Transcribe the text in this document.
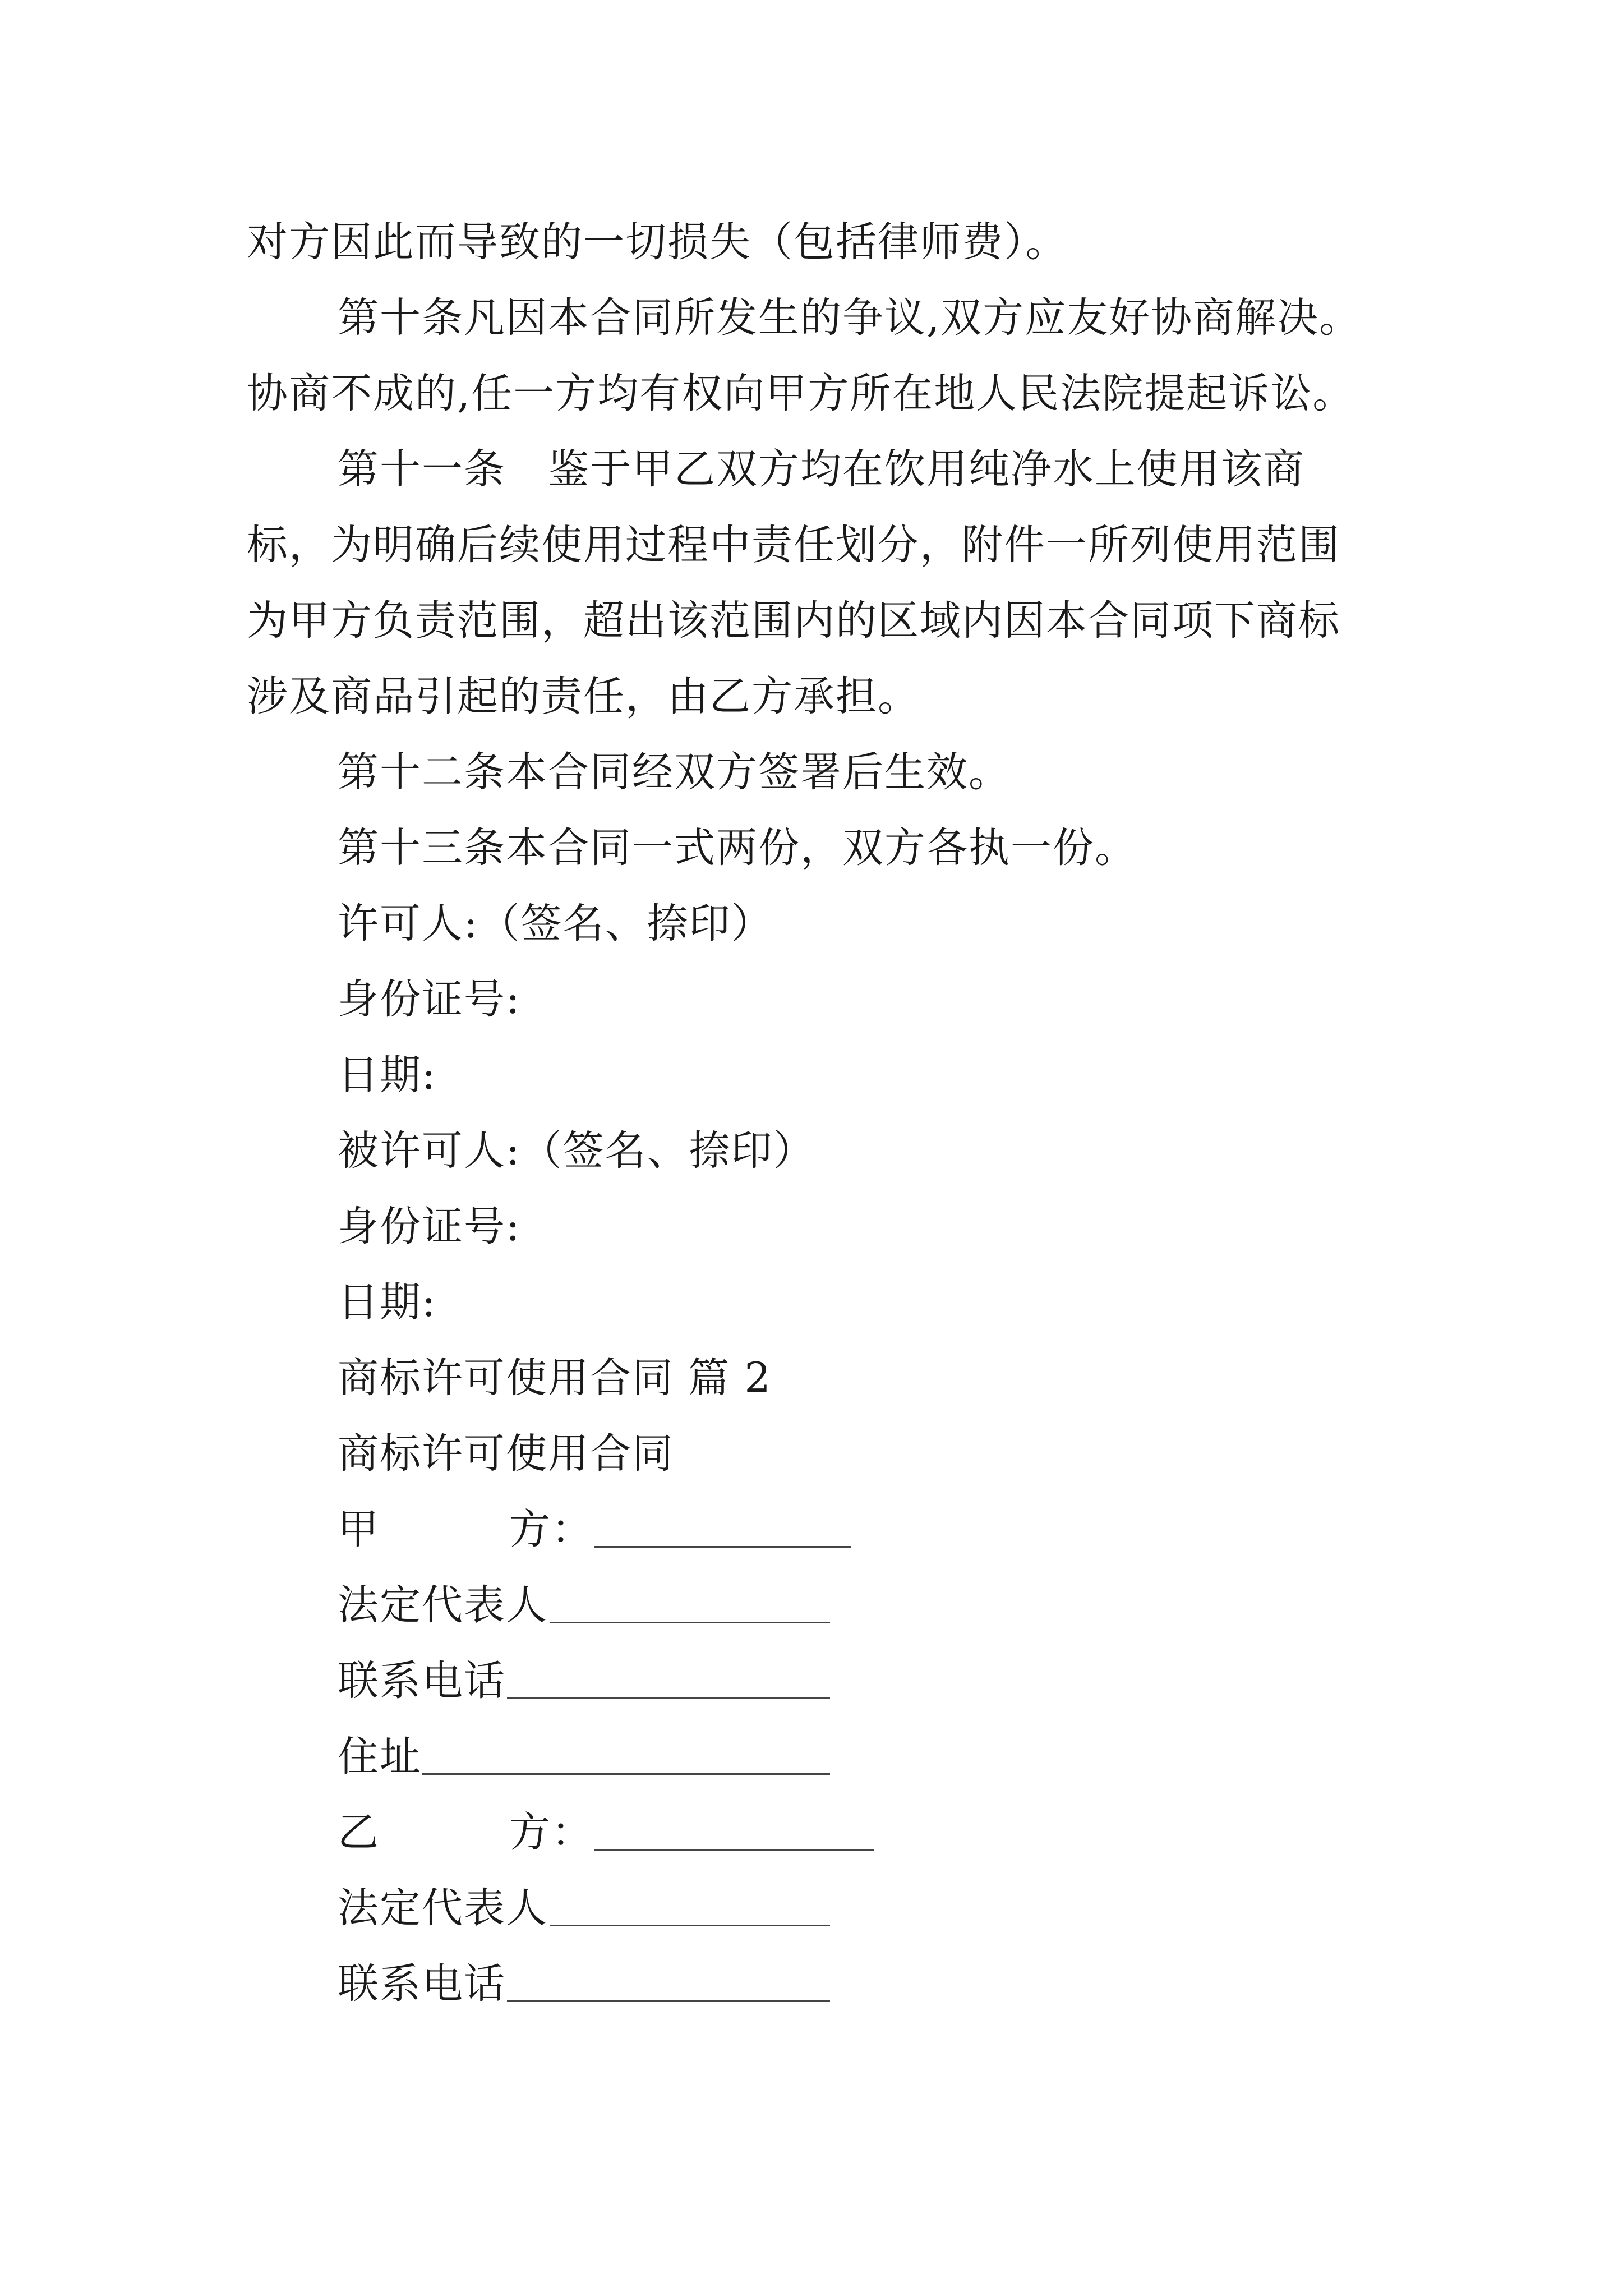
对方因此而导致的一切损失（包括律师费）。
第十条凡因本合同所发生的争议,双方应友好协商解决。
协商不成的,任一方均有权向甲方所在地人民法院提起诉讼。
第十一条　鉴于甲乙双方均在饮用纯净水上使用该商
标，为明确后续使用过程中责任划分，附件一所列使用范围
为甲方负责范围，超出该范围内的区域内因本合同项下商标
涉及商品引起的责任，由乙方承担。
第十二条本合同经双方签署后生效。
第十三条本合同一式两份，双方各执一份。
许可人:（签名、捺印）
身份证号:
日期:
被许可人:（签名、捺印）
身份证号:
日期:
商标许可使用合同 篇 2
商标许可使用合同
甲	方：
法定代表人
联系电话
住址
乙	方：
法定代表人
联系电话
